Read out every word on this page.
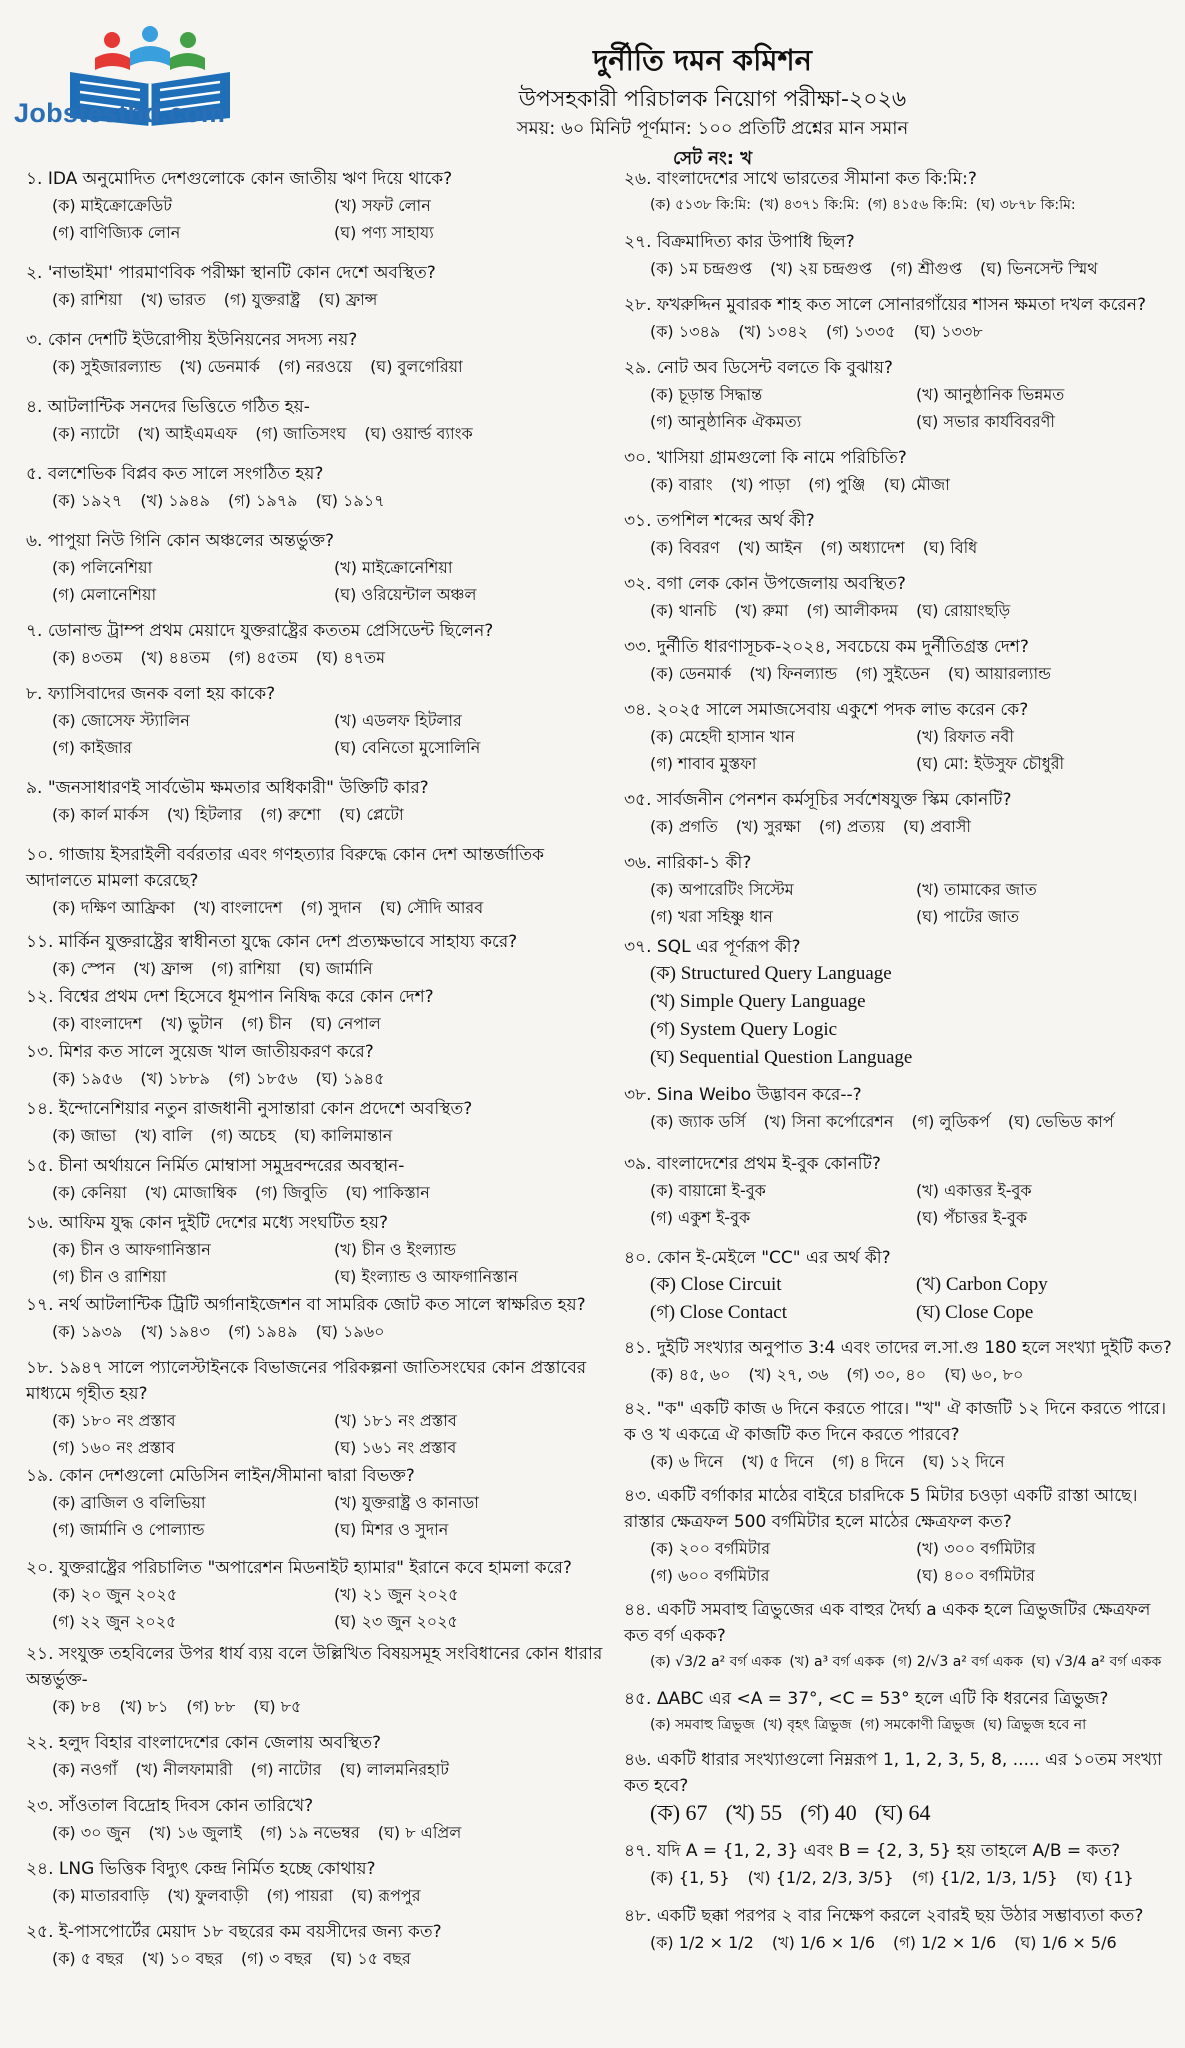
Jobstestbd.com
দুর্নীতি দমন কমিশন
উপসহকারী পরিচালক নিয়োগ পরীক্ষা-২০২৬
সময়: ৬০ মিনিট পূর্ণমান: ১০০ প্রতিটি প্রশ্নের মান সমান
সেট নং: খ

১. IDA অনুমোদিত দেশগুলোকে কোন জাতীয় ঋণ দিয়ে থাকে?

(ক) মাইক্রোক্রেডিট	(খ) সফট লোন
(গ) বাণিজ্যিক লোন	(ঘ) পণ্য সাহায্য

২. 'নাভাইমা' পারমাণবিক পরীক্ষা স্থানটি কোন দেশে অবস্থিত?

(ক) রাশিয়া (খ) ভারত (গ) যুক্তরাষ্ট্র (ঘ) ফ্রান্স

৩. কোন দেশটি ইউরোপীয় ইউনিয়নের সদস্য নয়?

(ক) সুইজারল্যান্ড (খ) ডেনমার্ক (গ) নরওয়ে (ঘ) বুলগেরিয়া

৪. আটলান্টিক সনদের ভিত্তিতে গঠিত হয়-

(ক) ন্যাটো (খ) আইএমএফ (গ) জাতিসংঘ (ঘ) ওয়ার্ল্ড ব্যাংক

৫. বলশেভিক বিপ্লব কত সালে সংগঠিত হয়?

(ক) ১৯২৭ (খ) ১৯৪৯ (গ) ১৯৭৯ (ঘ) ১৯১৭

৬. পাপুয়া নিউ গিনি কোন অঞ্চলের অন্তর্ভুক্ত?

(ক) পলিনেশিয়া	(খ) মাইক্রোনেশিয়া
(গ) মেলানেশিয়া	(ঘ) ওরিয়েন্টাল অঞ্চল

৭. ডোনাল্ড ট্রাম্প প্রথম মেয়াদে যুক্তরাষ্ট্রের কততম প্রেসিডেন্ট ছিলেন?

(ক) ৪৩তম (খ) ৪৪তম (গ) ৪৫তম (ঘ) ৪৭তম

৮. ফ্যাসিবাদের জনক বলা হয় কাকে?

(ক) জোসেফ স্ট্যালিন	(খ) এডলফ হিটলার
(গ) কাইজার	(ঘ) বেনিতো মুসোলিনি

৯. "জনসাধারণই সার্বভৌম ক্ষমতার অধিকারী" উক্তিটি কার?

(ক) কার্ল মার্কস (খ) হিটলার (গ) রুশো (ঘ) প্লেটো

১০. গাজায় ইসরাইলী বর্বরতার এবং গণহত্যার বিরুদ্ধে কোন দেশ আন্তর্জাতিক আদালতে মামলা করেছে?

(ক) দক্ষিণ আফ্রিকা (খ) বাংলাদেশ (গ) সুদান (ঘ) সৌদি আরব

১১. মার্কিন যুক্তরাষ্ট্রের স্বাধীনতা যুদ্ধে কোন দেশ প্রত্যক্ষভাবে সাহায্য করে?

(ক) স্পেন (খ) ফ্রান্স (গ) রাশিয়া (ঘ) জার্মানি

১২. বিশ্বের প্রথম দেশ হিসেবে ধূমপান নিষিদ্ধ করে কোন দেশ?

(ক) বাংলাদেশ (খ) ভুটান (গ) চীন (ঘ) নেপাল

১৩. মিশর কত সালে সুয়েজ খাল জাতীয়করণ করে?

(ক) ১৯৫৬ (খ) ১৮৮৯ (গ) ১৮৫৬ (ঘ) ১৯৪৫

১৪. ইন্দোনেশিয়ার নতুন রাজধানী নুসান্তারা কোন প্রদেশে অবস্থিত?

(ক) জাভা (খ) বালি (গ) অচেহ (ঘ) কালিমান্তান

১৫. চীনা অর্থায়নে নির্মিত মোম্বাসা সমুদ্রবন্দরের অবস্থান-

(ক) কেনিয়া (খ) মোজাম্বিক (গ) জিবুতি (ঘ) পাকিস্তান

১৬. আফিম যুদ্ধ কোন দুইটি দেশের মধ্যে সংঘটিত হয়?

(ক) চীন ও আফগানিস্তান	(খ) চীন ও ইংল্যান্ড
(গ) চীন ও রাশিয়া	(ঘ) ইংল্যান্ড ও আফগানিস্তান

১৭. নর্থ আটলান্টিক ট্রিটি অর্গানাইজেশন বা সামরিক জোট কত সালে স্বাক্ষরিত হয়?

(ক) ১৯৩৯ (খ) ১৯৪৩ (গ) ১৯৪৯ (ঘ) ১৯৬০

১৮. ১৯৪৭ সালে প্যালেস্টাইনকে বিভাজনের পরিকল্পনা জাতিসংঘের কোন প্রস্তাবের মাধ্যমে গৃহীত হয়?

(ক) ১৮০ নং প্রস্তাব	(খ) ১৮১ নং প্রস্তাব
(গ) ১৬০ নং প্রস্তাব	(ঘ) ১৬১ নং প্রস্তাব

১৯. কোন দেশগুলো মেডিসিন লাইন/সীমানা দ্বারা বিভক্ত?

(ক) ব্রাজিল ও বলিভিয়া	(খ) যুক্তরাষ্ট্র ও কানাডা
(গ) জার্মানি ও পোল্যান্ড	(ঘ) মিশর ও সুদান

২০. যুক্তরাষ্ট্রের পরিচালিত "অপারেশন মিডনাইট হ্যামার" ইরানে কবে হামলা করে?

(ক) ২০ জুন ২০২৫	(খ) ২১ জুন ২০২৫
(গ) ২২ জুন ২০২৫	(ঘ) ২৩ জুন ২০২৫

২১. সংযুক্ত তহবিলের উপর ধার্য ব্যয় বলে উল্লিখিত বিষয়সমূহ সংবিধানের কোন ধারার অন্তর্ভুক্ত-

(ক) ৮৪ (খ) ৮১ (গ) ৮৮ (ঘ) ৮৫

২২. হলুদ বিহার বাংলাদেশের কোন জেলায় অবস্থিত?

(ক) নওগাঁ (খ) নীলফামারী (গ) নাটোর (ঘ) লালমনিরহাট

২৩. সাঁওতাল বিদ্রোহ দিবস কোন তারিখে?

(ক) ৩০ জুন (খ) ১৬ জুলাই (গ) ১৯ নভেম্বর (ঘ) ৮ এপ্রিল

২৪. LNG ভিত্তিক বিদ্যুৎ কেন্দ্র নির্মিত হচ্ছে কোথায়?

(ক) মাতারবাড়ি (খ) ফুলবাড়ী (গ) পায়রা (ঘ) রূপপুর

২৫. ই-পাসপোর্টের মেয়াদ ১৮ বছরের কম বয়সীদের জন্য কত?

(ক) ৫ বছর (খ) ১০ বছর (গ) ৩ বছর (ঘ) ১৫ বছর

২৬. বাংলাদেশের সাথে ভারতের সীমানা কত কি:মি:?

(ক) ৫১৩৮ কি:মি: (খ) ৪৩৭১ কি:মি: (গ) ৪১৫৬ কি:মি: (ঘ) ৩৮৭৮ কি:মি:

২৭. বিক্রমাদিত্য কার উপাধি ছিল?

(ক) ১ম চন্দ্রগুপ্ত (খ) ২য় চন্দ্রগুপ্ত (গ) শ্রীগুপ্ত (ঘ) ভিনসেন্ট স্মিথ

২৮. ফখরুদ্দিন মুবারক শাহ কত সালে সোনারগাঁয়ের শাসন ক্ষমতা দখল করেন?

(ক) ১৩৪৯ (খ) ১৩৪২ (গ) ১৩৩৫ (ঘ) ১৩৩৮

২৯. নোট অব ডিসেন্ট বলতে কি বুঝায়?

(ক) চূড়ান্ত সিদ্ধান্ত	(খ) আনুষ্ঠানিক ভিন্নমত
(গ) আনুষ্ঠানিক ঐকমত্য	(ঘ) সভার কার্যবিবরণী

৩০. খাসিয়া গ্রামগুলো কি নামে পরিচিতি?

(ক) বারাং (খ) পাড়া (গ) পুঞ্জি (ঘ) মৌজা

৩১. তপশিল শব্দের অর্থ কী?

(ক) বিবরণ (খ) আইন (গ) অধ্যাদেশ (ঘ) বিধি

৩২. বগা লেক কোন উপজেলায় অবস্থিত?

(ক) থানচি (খ) রুমা (গ) আলীকদম (ঘ) রোয়াংছড়ি

৩৩. দুর্নীতি ধারণাসূচক-২০২৪, সবচেয়ে কম দুর্নীতিগ্রস্ত দেশ?

(ক) ডেনমার্ক (খ) ফিনল্যান্ড (গ) সুইডেন (ঘ) আয়ারল্যান্ড

৩৪. ২০২৫ সালে সমাজসেবায় একুশে পদক লাভ করেন কে?

(ক) মেহেদী হাসান খান	(খ) রিফাত নবী
(গ) শাবাব মুস্তফা	(ঘ) মো: ইউসুফ চৌধুরী

৩৫. সার্বজনীন পেনশন কর্মসূচির সর্বশেষযুক্ত স্কিম কোনটি?

(ক) প্রগতি (খ) সুরক্ষা (গ) প্রত্যয় (ঘ) প্রবাসী

৩৬. নারিকা-১ কী?

(ক) অপারেটিং সিস্টেম	(খ) তামাকের জাত
(গ) খরা সহিষ্ণু ধান	(ঘ) পাটের জাত

৩৭. SQL এর পূর্ণরূপ কী?

(ক) Structured Query Language
(খ) Simple Query Language
(গ) System Query Logic
(ঘ) Sequential Question Language

৩৮. Sina Weibo উদ্ভাবন করে--?

(ক) জ্যাক ডর্সি (খ) সিনা কর্পোরেশন (গ) লুডিকর্প (ঘ) ভেভিড কার্প

৩৯. বাংলাদেশের প্রথম ই-বুক কোনটি?

(ক) বায়ান্নো ই-বুক	(খ) একাত্তর ই-বুক
(গ) একুশ ই-বুক	(ঘ) পঁচাত্তর ই-বুক

৪০. কোন ই-মেইলে "CC" এর অর্থ কী?

(ক) Close Circuit	(খ) Carbon Copy
(গ) Close Contact	(ঘ) Close Cope

৪১. দুইটি সংখ্যার অনুপাত 3:4 এবং তাদের ল.সা.গু 180 হলে সংখ্যা দুইটি কত?

(ক) ৪৫, ৬০ (খ) ২৭, ৩৬ (গ) ৩০, ৪০ (ঘ) ৬০, ৮০

৪২. "ক" একটি কাজ ৬ দিনে করতে পারে। "খ" ঐ কাজটি ১২ দিনে করতে পারে। ক ও খ একত্রে ঐ কাজটি কত দিনে করতে পারবে?

(ক) ৬ দিনে (খ) ৫ দিনে (গ) ৪ দিনে (ঘ) ১২ দিনে

৪৩. একটি বর্গাকার মাঠের বাইরে চারদিকে 5 মিটার চওড়া একটি রাস্তা আছে। রাস্তার ক্ষেত্রফল 500 বর্গমিটার হলে মাঠের ক্ষেত্রফল কত?

(ক) ২০০ বর্গমিটার	(খ) ৩০০ বর্গমিটার
(গ) ৬০০ বর্গমিটার	(ঘ) ৪০০ বর্গমিটার

৪৪. একটি সমবাহু ত্রিভুজের এক বাহুর দৈর্ঘ্য a একক হলে ত্রিভুজটির ক্ষেত্রফল কত বর্গ একক?

(ক) √3/2 a² বর্গ একক (খ) a³ বর্গ একক (গ) 2/√3 a² বর্গ একক (ঘ) √3/4 a² বর্গ একক

৪৫. ΔABC এর <A = 37°, <C = 53° হলে এটি কি ধরনের ত্রিভুজ?

(ক) সমবাহু ত্রিভুজ (খ) বৃহৎ ত্রিভুজ (গ) সমকোণী ত্রিভুজ (ঘ) ত্রিভুজ হবে না

৪৬. একটি ধারার সংখ্যাগুলো নিম্নরূপ 1, 1, 2, 3, 5, 8, ..... এর ১০তম সংখ্যা কত হবে?

(ক) 67 (খ) 55 (গ) 40 (ঘ) 64

৪৭. যদি A = {1, 2, 3} এবং B = {2, 3, 5} হয় তাহলে A/B = কত?

(ক) {1, 5} (খ) {1/2, 2/3, 3/5} (গ) {1/2, 1/3, 1/5} (ঘ) {1}

৪৮. একটি ছক্কা পরপর ২ বার নিক্ষেপ করলে ২বারই ছয় উঠার সম্ভাব্যতা কত?

(ক) 1/2 × 1/2 (খ) 1/6 × 1/6 (গ) 1/2 × 1/6 (ঘ) 1/6 × 5/6
